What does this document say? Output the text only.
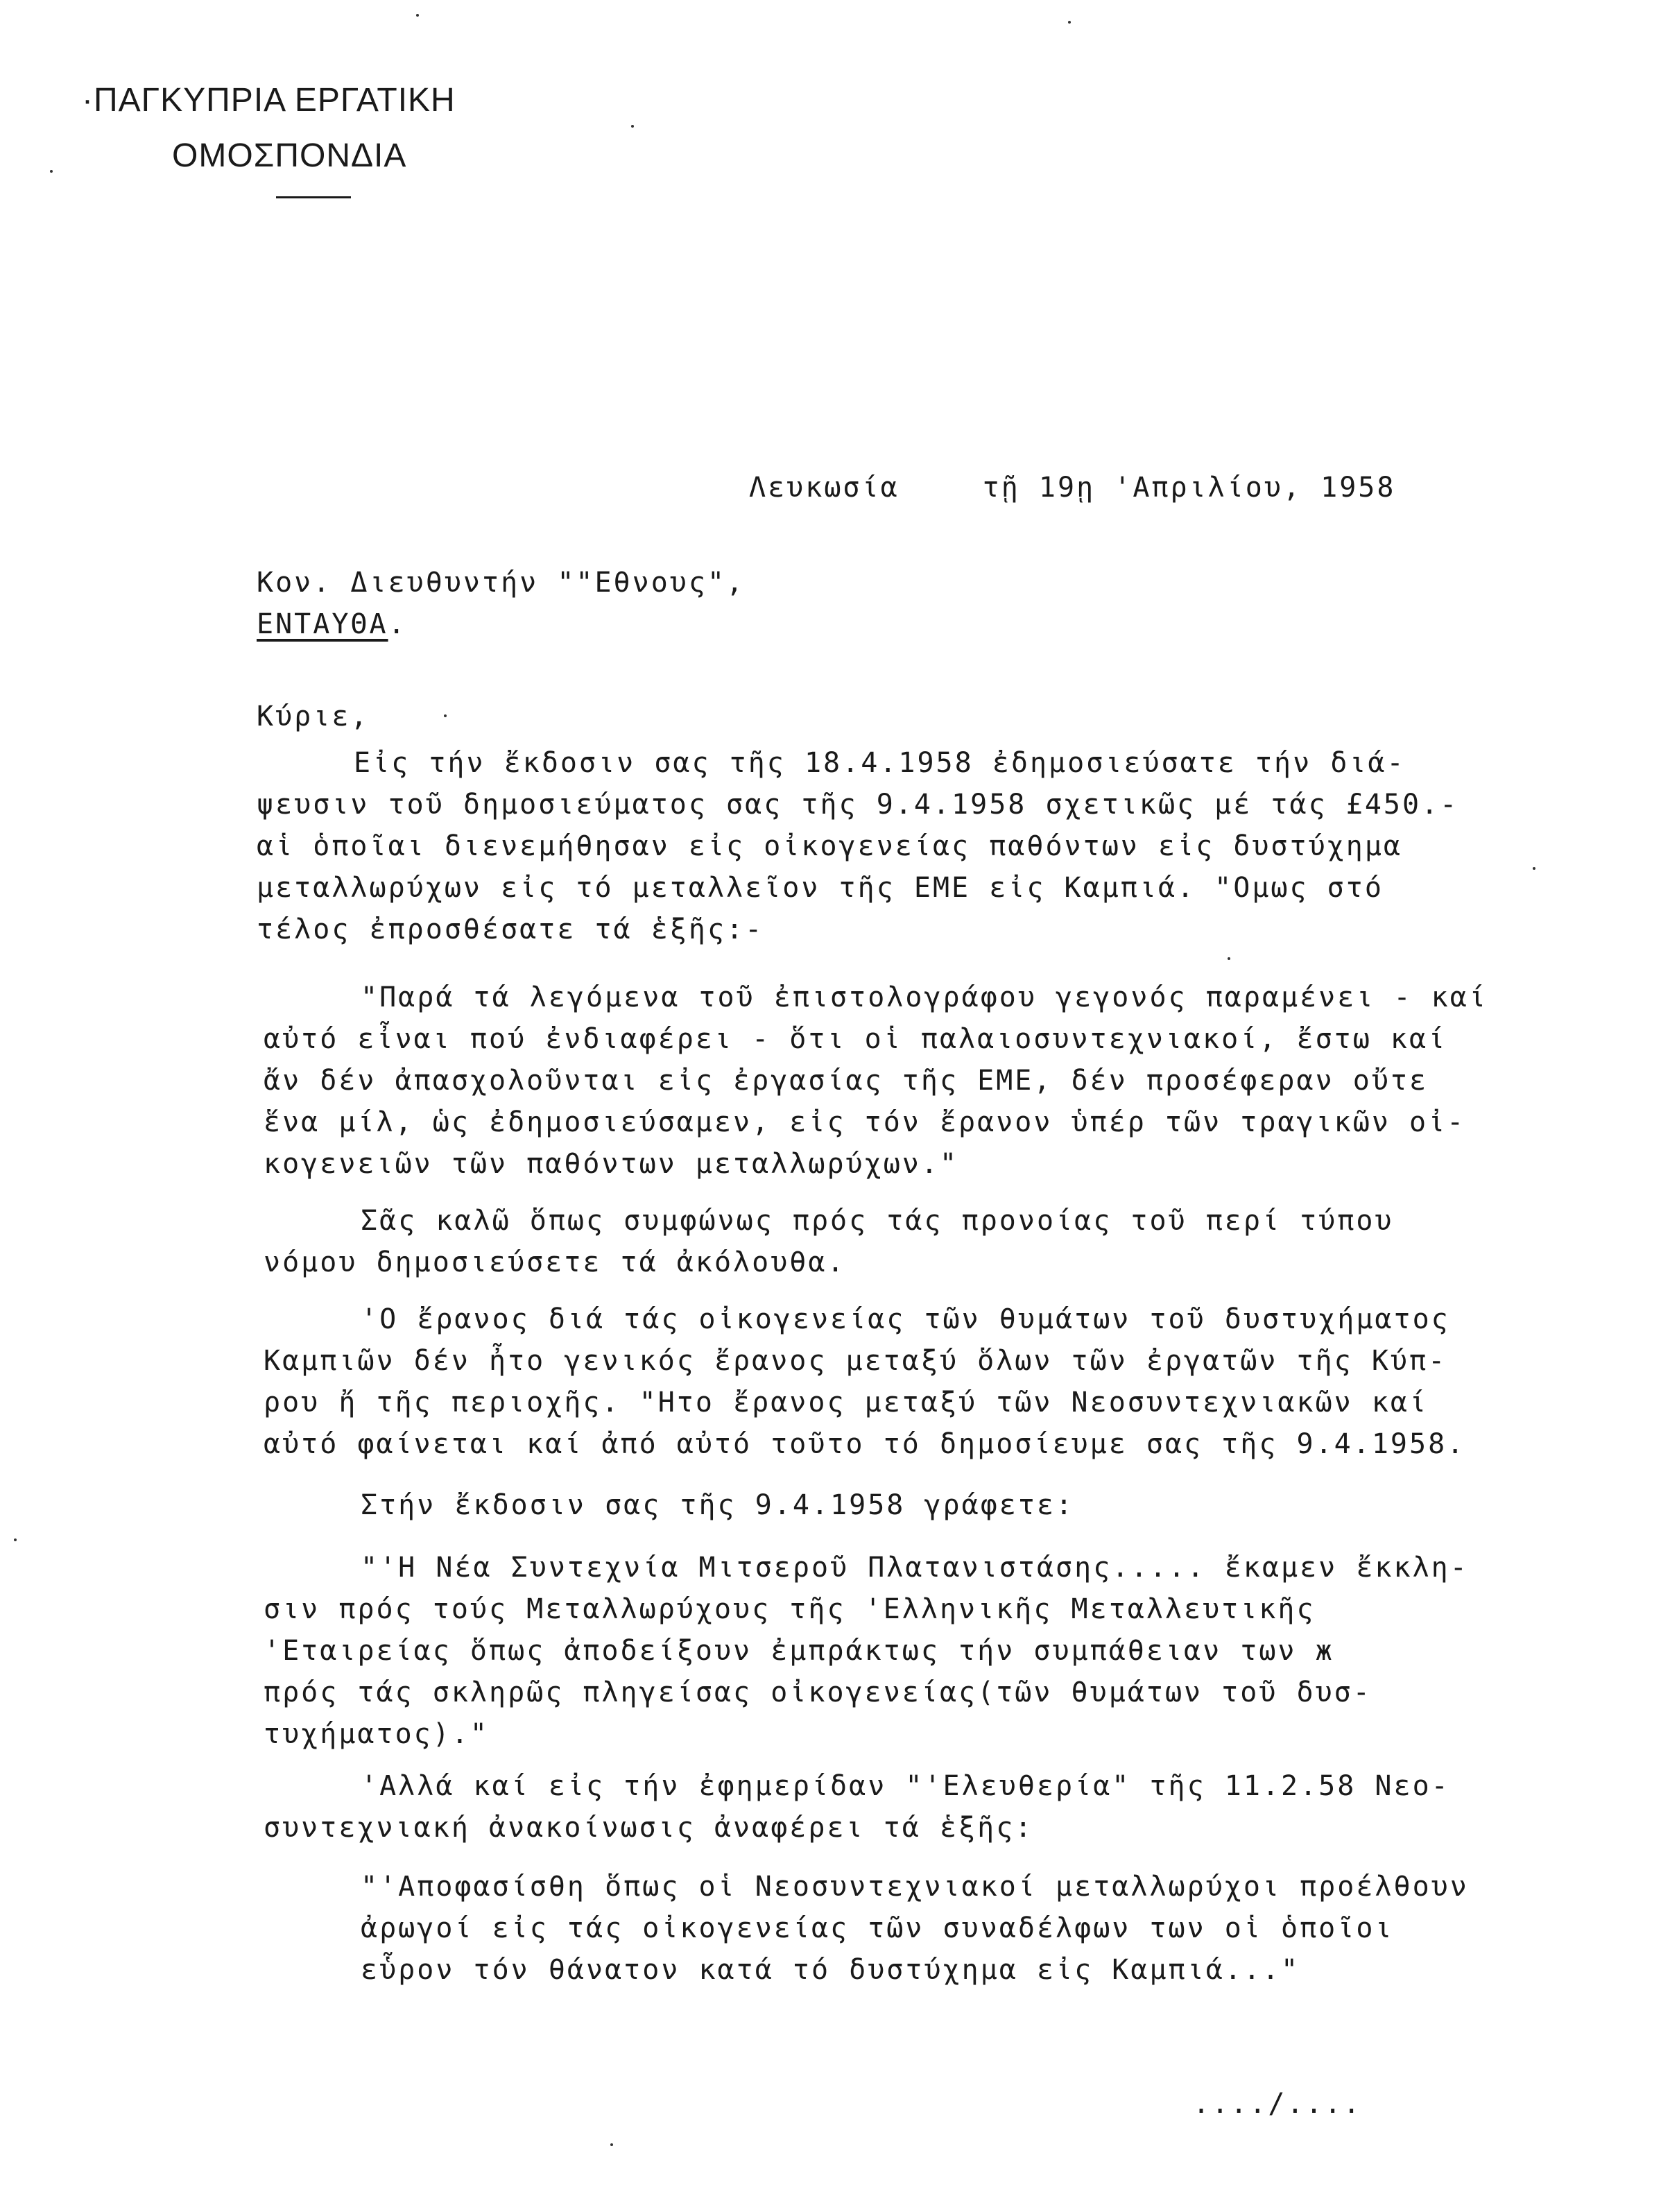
·ΠΑΓΚΥΠΡΙΑ ΕΡΓΑΤΙΚΗ
ΟΜΟΣΠΟΝΔΙΑ
Λευκωσία	τῇ 19ῃ 'Απριλίου, 1958
Κον. Διευθυντήν ""Εθνους",
ΕΝΤΑΥΘΑ.
Κύριε,
Εἰς τήν ἔκδοσιν σας τῆς 18.4.1958 ἐδημοσιεύσατε τήν διά-
ψευσιν τοῦ δημοσιεύματος σας τῆς 9.4.1958 σχετικῶς μέ τάς £450.-
αἱ ὁποῖαι διενεμήθησαν εἰς οἰκογενείας παθόντων εἰς δυστύχημα
μεταλλωρύχων εἰς τό μεταλλεῖον τῆς ΕΜΕ εἰς Καμπιά. "Ομως στό
τέλος ἐπροσθέσατε τά ἑξῆς:-
"Παρά τά λεγόμενα τοῦ ἐπιστολογράφου γεγονός παραμένει - καί
αὐτό εἶναι πού ἐνδιαφέρει - ὅτι οἱ παλαιοσυντεχνιακοί, ἔστω καί
ἄν δέν ἀπασχολοῦνται εἰς ἐργασίας τῆς ΕΜΕ, δέν προσέφεραν οὔτε
ἕνα μίλ, ὡς ἐδημοσιεύσαμεν, εἰς τόν ἔρανον ὑπέρ τῶν τραγικῶν οἰ-
κογενειῶν τῶν παθόντων μεταλλωρύχων."
Σᾶς καλῶ ὅπως συμφώνως πρός τάς προνοίας τοῦ περί τύπου
νόμου δημοσιεύσετε τά ἀκόλουθα.
'Ο ἔρανος διά τάς οἰκογενείας τῶν θυμάτων τοῦ δυστυχήματος
Καμπιῶν δέν ἦτο γενικός ἔρανος μεταξύ ὅλων τῶν ἐργατῶν τῆς Κύπ-
ρου ἤ τῆς περιοχῆς. "Ητο ἔρανος μεταξύ τῶν Νεοσυντεχνιακῶν καί
αὐτό φαίνεται καί ἀπό αὐτό τοῦτο τό δημοσίευμε σας τῆς 9.4.1958.
Στήν ἔκδοσιν σας τῆς 9.4.1958 γράφετε:
"'Η Νέα Συντεχνία Μιτσεροῦ Πλατανιστάσης..... ἔκαμεν ἔκκλη-
σιν πρός τούς Μεταλλωρύχους τῆς 'Ελληνικῆς Μεταλλευτικῆς
'Εταιρείας ὅπως ἀποδείξουν ἐμπράκτως τήν συμπάθειαν των ж
πρός τάς σκληρῶς πληγείσας οἰκογενείας(τῶν θυμάτων τοῦ δυσ-
τυχήματος)."
'Αλλά καί εἰς τήν ἐφημερίδαν "'Ελευθερία" τῆς 11.2.58 Νεο-
συντεχνιακή ἀνακοίνωσις ἀναφέρει τά ἑξῆς:
"'Αποφασίσθη ὅπως οἱ Νεοσυντεχνιακοί μεταλλωρύχοι προέλθουν
ἀρωγοί εἰς τάς οἰκογενείας τῶν συναδέλφων των οἱ ὁποῖοι
εὗρον τόν θάνατον κατά τό δυστύχημα εἰς Καμπιά..."
..../....
